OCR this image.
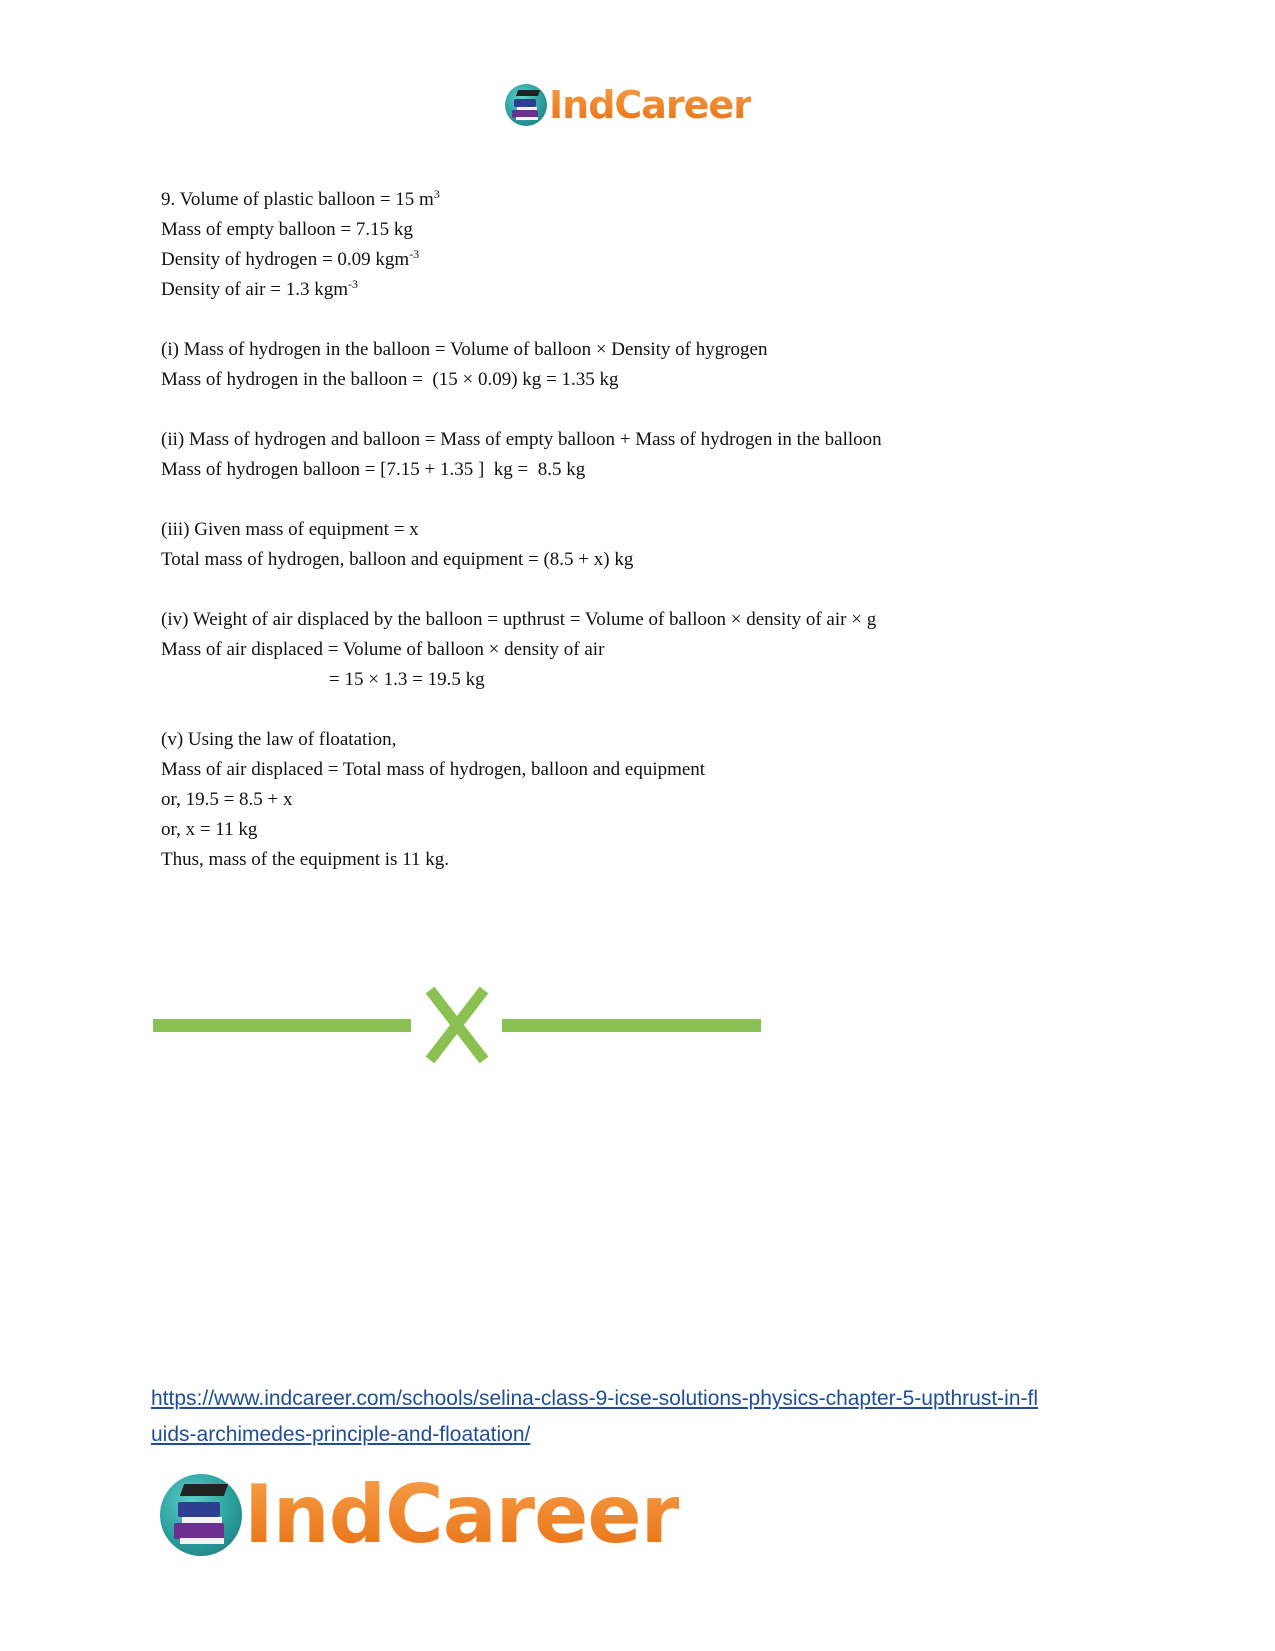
IndCareer
9. Volume of plastic balloon = 15 $m^3$
Mass of empty balloon = 7.15 kg
Density of hydrogen = 0.09 kgm$^{-3}$
Density of air = 1.3 kgm$^{-3}$
(i) Mass of hydrogen in the balloon = Volume of balloon × Density of hygrogen
Mass of hydrogen in the balloon =  (15 × 0.09) kg = 1.35 kg
(ii) Mass of hydrogen and balloon = Mass of empty balloon + Mass of hydrogen in the balloon
Mass of hydrogen balloon = [7.15 + 1.35 ]  kg =  8.5 kg
(iii) Given mass of equipment = x
Total mass of hydrogen, balloon and equipment = (8.5 + x) kg
(iv) Weight of air displaced by the balloon = upthrust = Volume of balloon × density of air × g
Mass of air displaced = Volume of balloon × density of air
= 15 × 1.3 = 19.5 kg
(v) Using the law of floatation,
Mass of air displaced = Total mass of hydrogen, balloon and equipment
or, 19.5 = 8.5 + x
or, x = 11 kg
Thus, mass of the equipment is 11 kg.
https://www.indcareer.com/schools/selina-class-9-icse-solutions-physics-chapter-5-upthrust-in-fl
uids-archimedes-principle-and-floatation/
IndCareer
